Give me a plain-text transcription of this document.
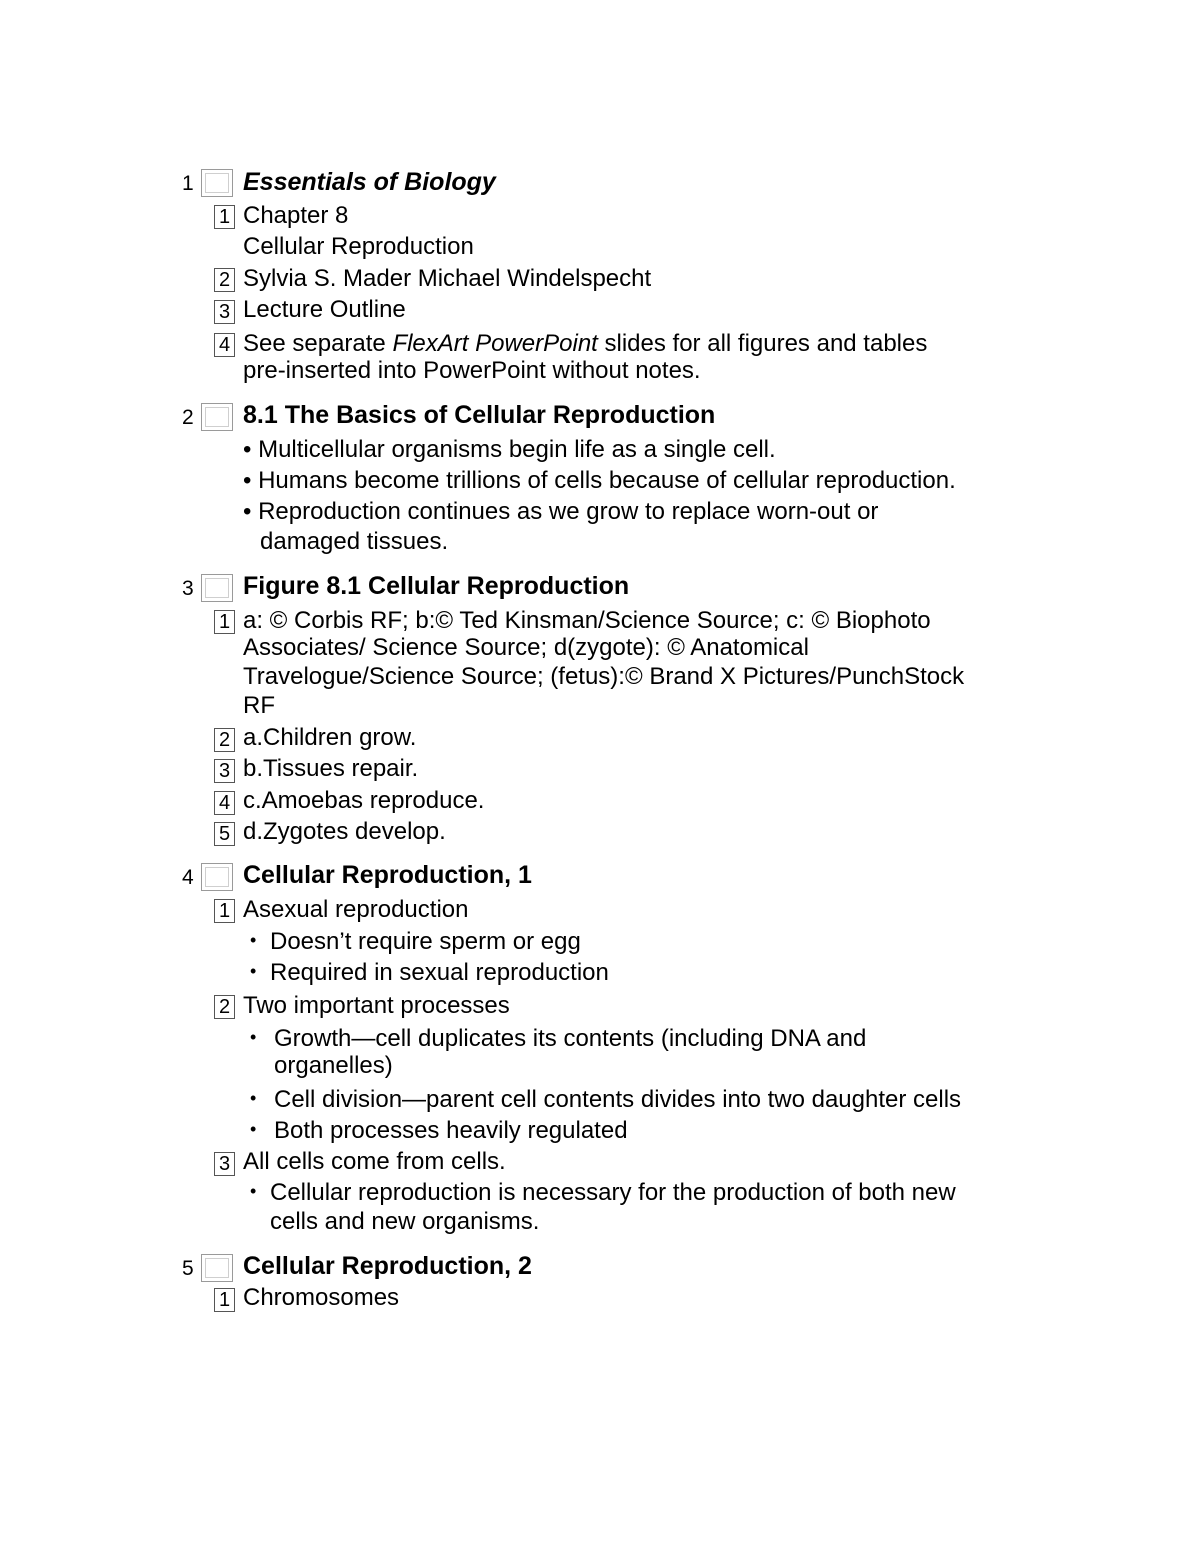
1	Essentials of Biology
1 Chapter 8
Cellular Reproduction
2 Sylvia S. Mader Michael Windelspecht
3 Lecture Outline
4 See separate FlexArt PowerPoint slides for all figures and tables
pre-inserted into PowerPoint without notes.
2	8.1 The Basics of Cellular Reproduction
• Multicellular organisms begin life as a single cell.
• Humans become trillions of cells because of cellular reproduction.
• Reproduction continues as we grow to replace worn-out or
damaged tissues.
3	Figure 8.1 Cellular Reproduction
1 a: © Corbis RF; b:© Ted Kinsman/Science Source; c: © Biophoto
Associates/ Science Source; d(zygote): © Anatomical
Travelogue/Science Source; (fetus):© Brand X Pictures/PunchStock
RF
2 a.Children grow.
3 b.Tissues repair.
4 c.Amoebas reproduce.
5 d.Zygotes develop.
4	Cellular Reproduction, 1
1 Asexual reproduction
• Doesn’t require sperm or egg
• Required in sexual reproduction
2 Two important processes
• Growth—cell duplicates its contents (including DNA and
organelles)
• Cell division—parent cell contents divides into two daughter cells
• Both processes heavily regulated
3 All cells come from cells.
• Cellular reproduction is necessary for the production of both new
cells and new organisms.
5	Cellular Reproduction, 2
1 Chromosomes
